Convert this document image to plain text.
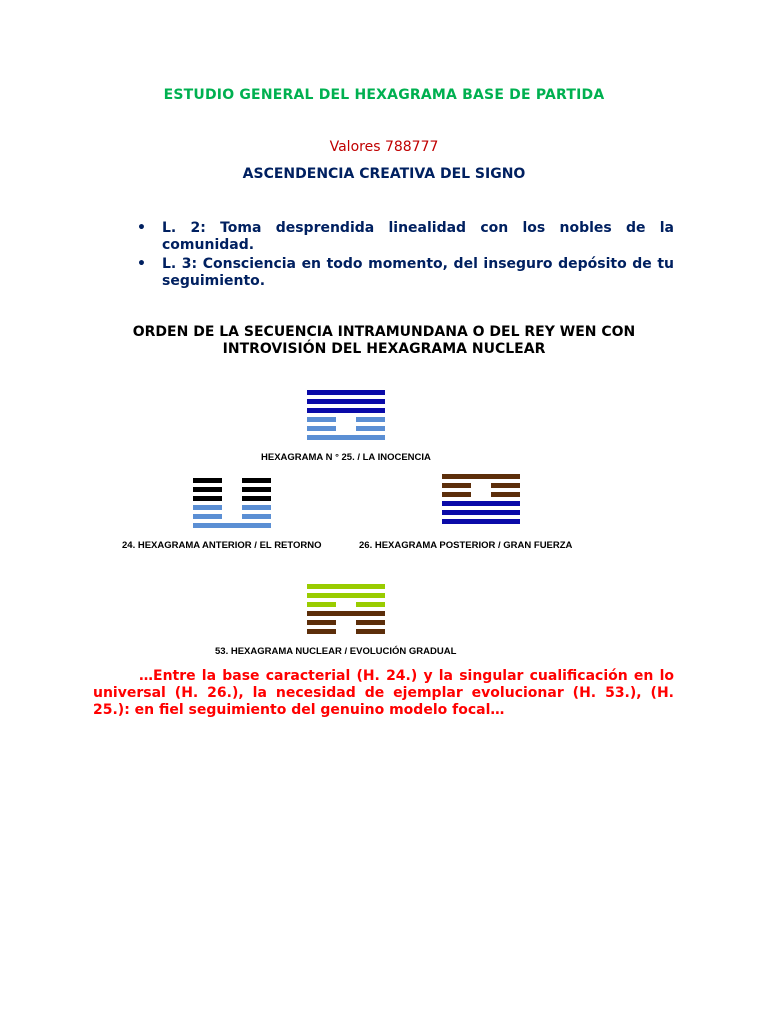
ESTUDIO GENERAL DEL HEXAGRAMA BASE DE PARTIDA
Valores 788777
ASCENDENCIA CREATIVA DEL SIGNO
• L. 2: Toma desprendida linealidad con los nobles de la comunidad.
• L. 3: Consciencia en todo momento, del inseguro depósito de tu seguimiento.
ORDEN DE LA SECUENCIA INTRAMUNDANA O DEL REY WEN CON
INTROVISIÓN DEL HEXAGRAMA NUCLEAR
HEXAGRAMA N ° 25. / LA INOCENCIA
24. HEXAGRAMA ANTERIOR / EL RETORNO	26. HEXAGRAMA POSTERIOR / GRAN FUERZA
53. HEXAGRAMA NUCLEAR / EVOLUCIÓN GRADUAL

…Entre la base caracterial (H. 24.) y la singular cualificación en lo universal (H. 26.), la necesidad de ejemplar evolucionar (H. 53.), (H. 25.): en fiel seguimiento del genuino modelo focal…
